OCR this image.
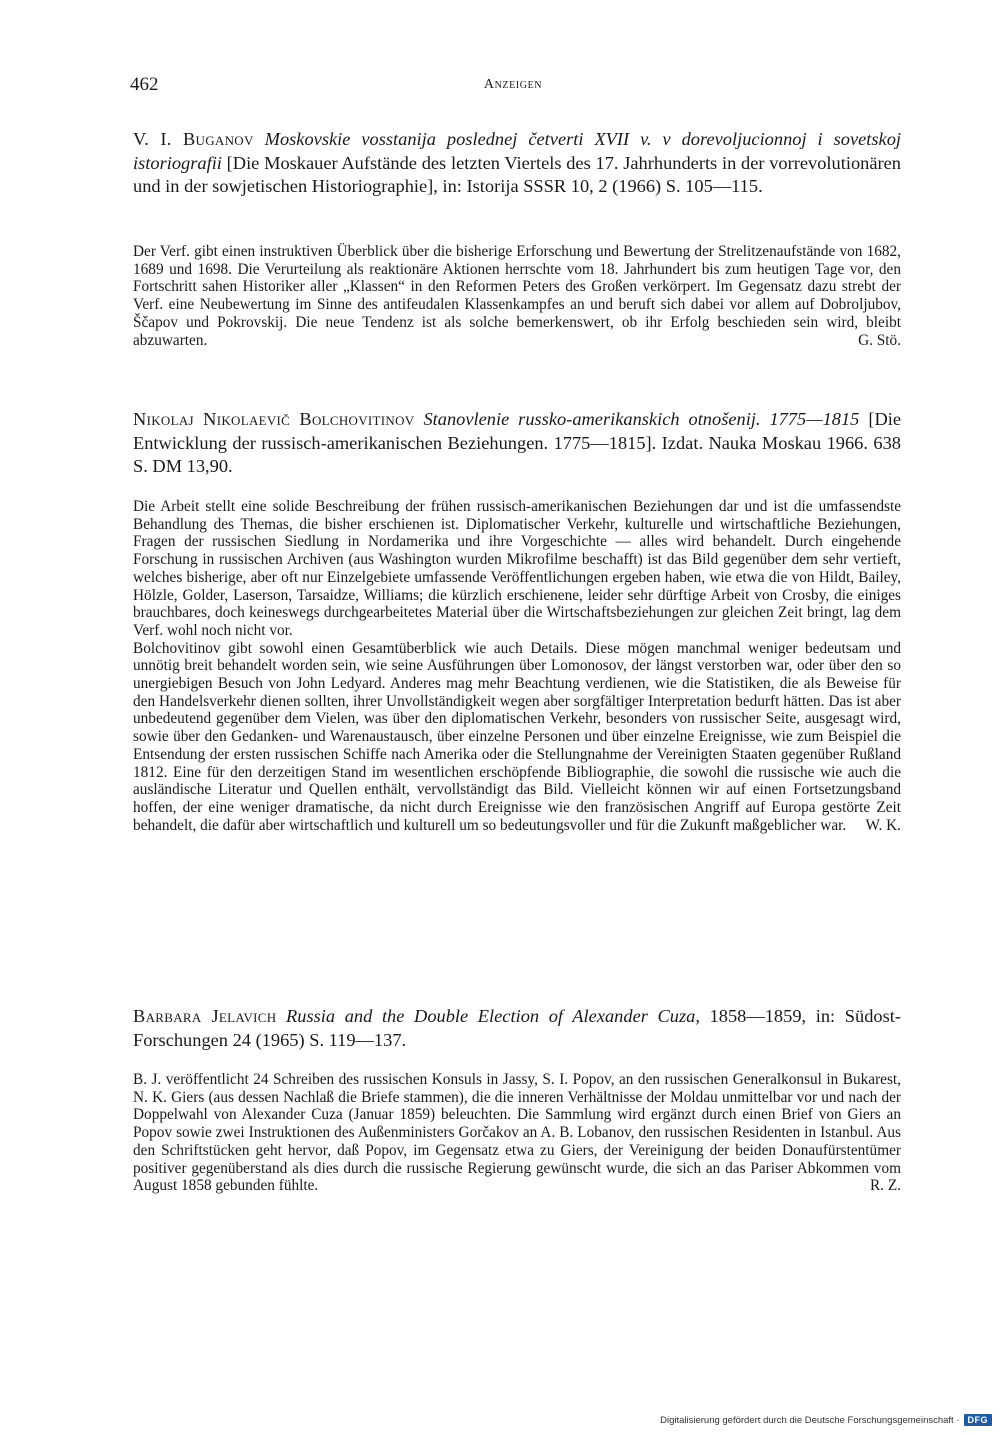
462	Anzeigen

V. I. Buganov Moskovskie vosstanija poslednej četverti XVII v. v dorevoljucionnoj i sovetskoj istoriografii [Die Moskauer Aufstände des letzten Viertels des 17. Jahrhunderts in der vorrevolutionären und in der sowjetischen Historiographie], in: Istorija SSSR 10, 2 (1966) S. 105—115.

Der Verf. gibt einen instruktiven Überblick über die bisherige Erforschung und Bewertung der Strelitzenaufstände von 1682, 1689 und 1698. Die Verurteilung als reaktionäre Aktionen herrschte vom 18. Jahrhundert bis zum heutigen Tage vor, den Fortschritt sahen Historiker aller „Klassen“ in den Reformen Peters des Großen verkörpert. Im Gegensatz dazu strebt der Verf. eine Neubewertung im Sinne des antifeudalen Klassenkampfes an und beruft sich dabei vor allem auf Dobroljubov, Ščapov und Pokrovskij. Die neue Tendenz ist als solche bemerkenswert, ob ihr Erfolg beschieden sein wird, bleibt abzuwarten.	G. Stö.

Nikolaj Nikolaevič Bolchovitinov Stanovlenie russko-amerikanskich otnošenij. 1775—1815 [Die Entwicklung der russisch-amerikanischen Beziehungen. 1775—1815]. Izdat. Nauka Moskau 1966. 638 S. DM 13,90.

Die Arbeit stellt eine solide Beschreibung der frühen russisch-amerikanischen Beziehungen dar und ist die umfassendste Behandlung des Themas, die bisher erschienen ist. Diplomatischer Verkehr, kulturelle und wirtschaftliche Beziehungen, Fragen der russischen Siedlung in Nordamerika und ihre Vorgeschichte — alles wird behandelt. Durch eingehende Forschung in russischen Archiven (aus Washington wurden Mikrofilme beschafft) ist das Bild gegenüber dem sehr vertieft, welches bisherige, aber oft nur Einzelgebiete umfassende Veröffentlichungen ergeben haben, wie etwa die von Hildt, Bailey, Hölzle, Golder, Laserson, Tarsaidze, Williams; die kürzlich erschienene, leider sehr dürftige Arbeit von Crosby, die einiges brauchbares, doch keineswegs durchgearbeitetes Material über die Wirtschaftsbeziehungen zur gleichen Zeit bringt, lag dem Verf. wohl noch nicht vor.

Bolchovitinov gibt sowohl einen Gesamtüberblick wie auch Details. Diese mögen manchmal weniger bedeutsam und unnötig breit behandelt worden sein, wie seine Ausführungen über Lomonosov, der längst verstorben war, oder über den so unergiebigen Besuch von John Ledyard. Anderes mag mehr Beachtung verdienen, wie die Statistiken, die als Beweise für den Handelsverkehr dienen sollten, ihrer Unvollständigkeit wegen aber sorgfältiger Interpretation bedurft hätten. Das ist aber unbedeutend gegenüber dem Vielen, was über den diplomatischen Verkehr, besonders von russischer Seite, ausgesagt wird, sowie über den Gedanken- und Warenaustausch, über einzelne Personen und über einzelne Ereignisse, wie zum Beispiel die Entsendung der ersten russischen Schiffe nach Amerika oder die Stellungnahme der Vereinigten Staaten gegenüber Rußland 1812. Eine für den derzeitigen Stand im wesentlichen erschöpfende Bibliographie, die sowohl die russische wie auch die ausländische Literatur und Quellen enthält, vervollständigt das Bild. Vielleicht können wir auf einen Fortsetzungsband hoffen, der eine weniger dramatische, da nicht durch Ereignisse wie den französischen Angriff auf Europa gestörte Zeit behandelt, die dafür aber wirtschaftlich und kulturell um so bedeutungsvoller und für die Zukunft maßgeblicher war. W. K.

Barbara Jelavich Russia and the Double Election of Alexander Cuza, 1858—1859, in: Südost-Forschungen 24 (1965) S. 119—137.

B. J. veröffentlicht 24 Schreiben des russischen Konsuls in Jassy, S. I. Popov, an den russischen Generalkonsul in Bukarest, N. K. Giers (aus dessen Nachlaß die Briefe stammen), die die inneren Verhältnisse der Moldau unmittelbar vor und nach der Doppelwahl von Alexander Cuza (Januar 1859) beleuchten. Die Sammlung wird ergänzt durch einen Brief von Giers an Popov sowie zwei Instruktionen des Außenministers Gorčakov an A. B. Lobanov, den russischen Residenten in Istanbul. Aus den Schriftstücken geht hervor, daß Popov, im Gegensatz etwa zu Giers, der Vereinigung der beiden Donaufürstentümer positiver gegenüberstand als dies durch die russische Regierung gewünscht wurde, die sich an das Pariser Abkommen vom August 1858 gebunden fühlte.	R. Z.

Digitalisierung gefördert durch die Deutsche Forschungsgemeinschaft · DFG
